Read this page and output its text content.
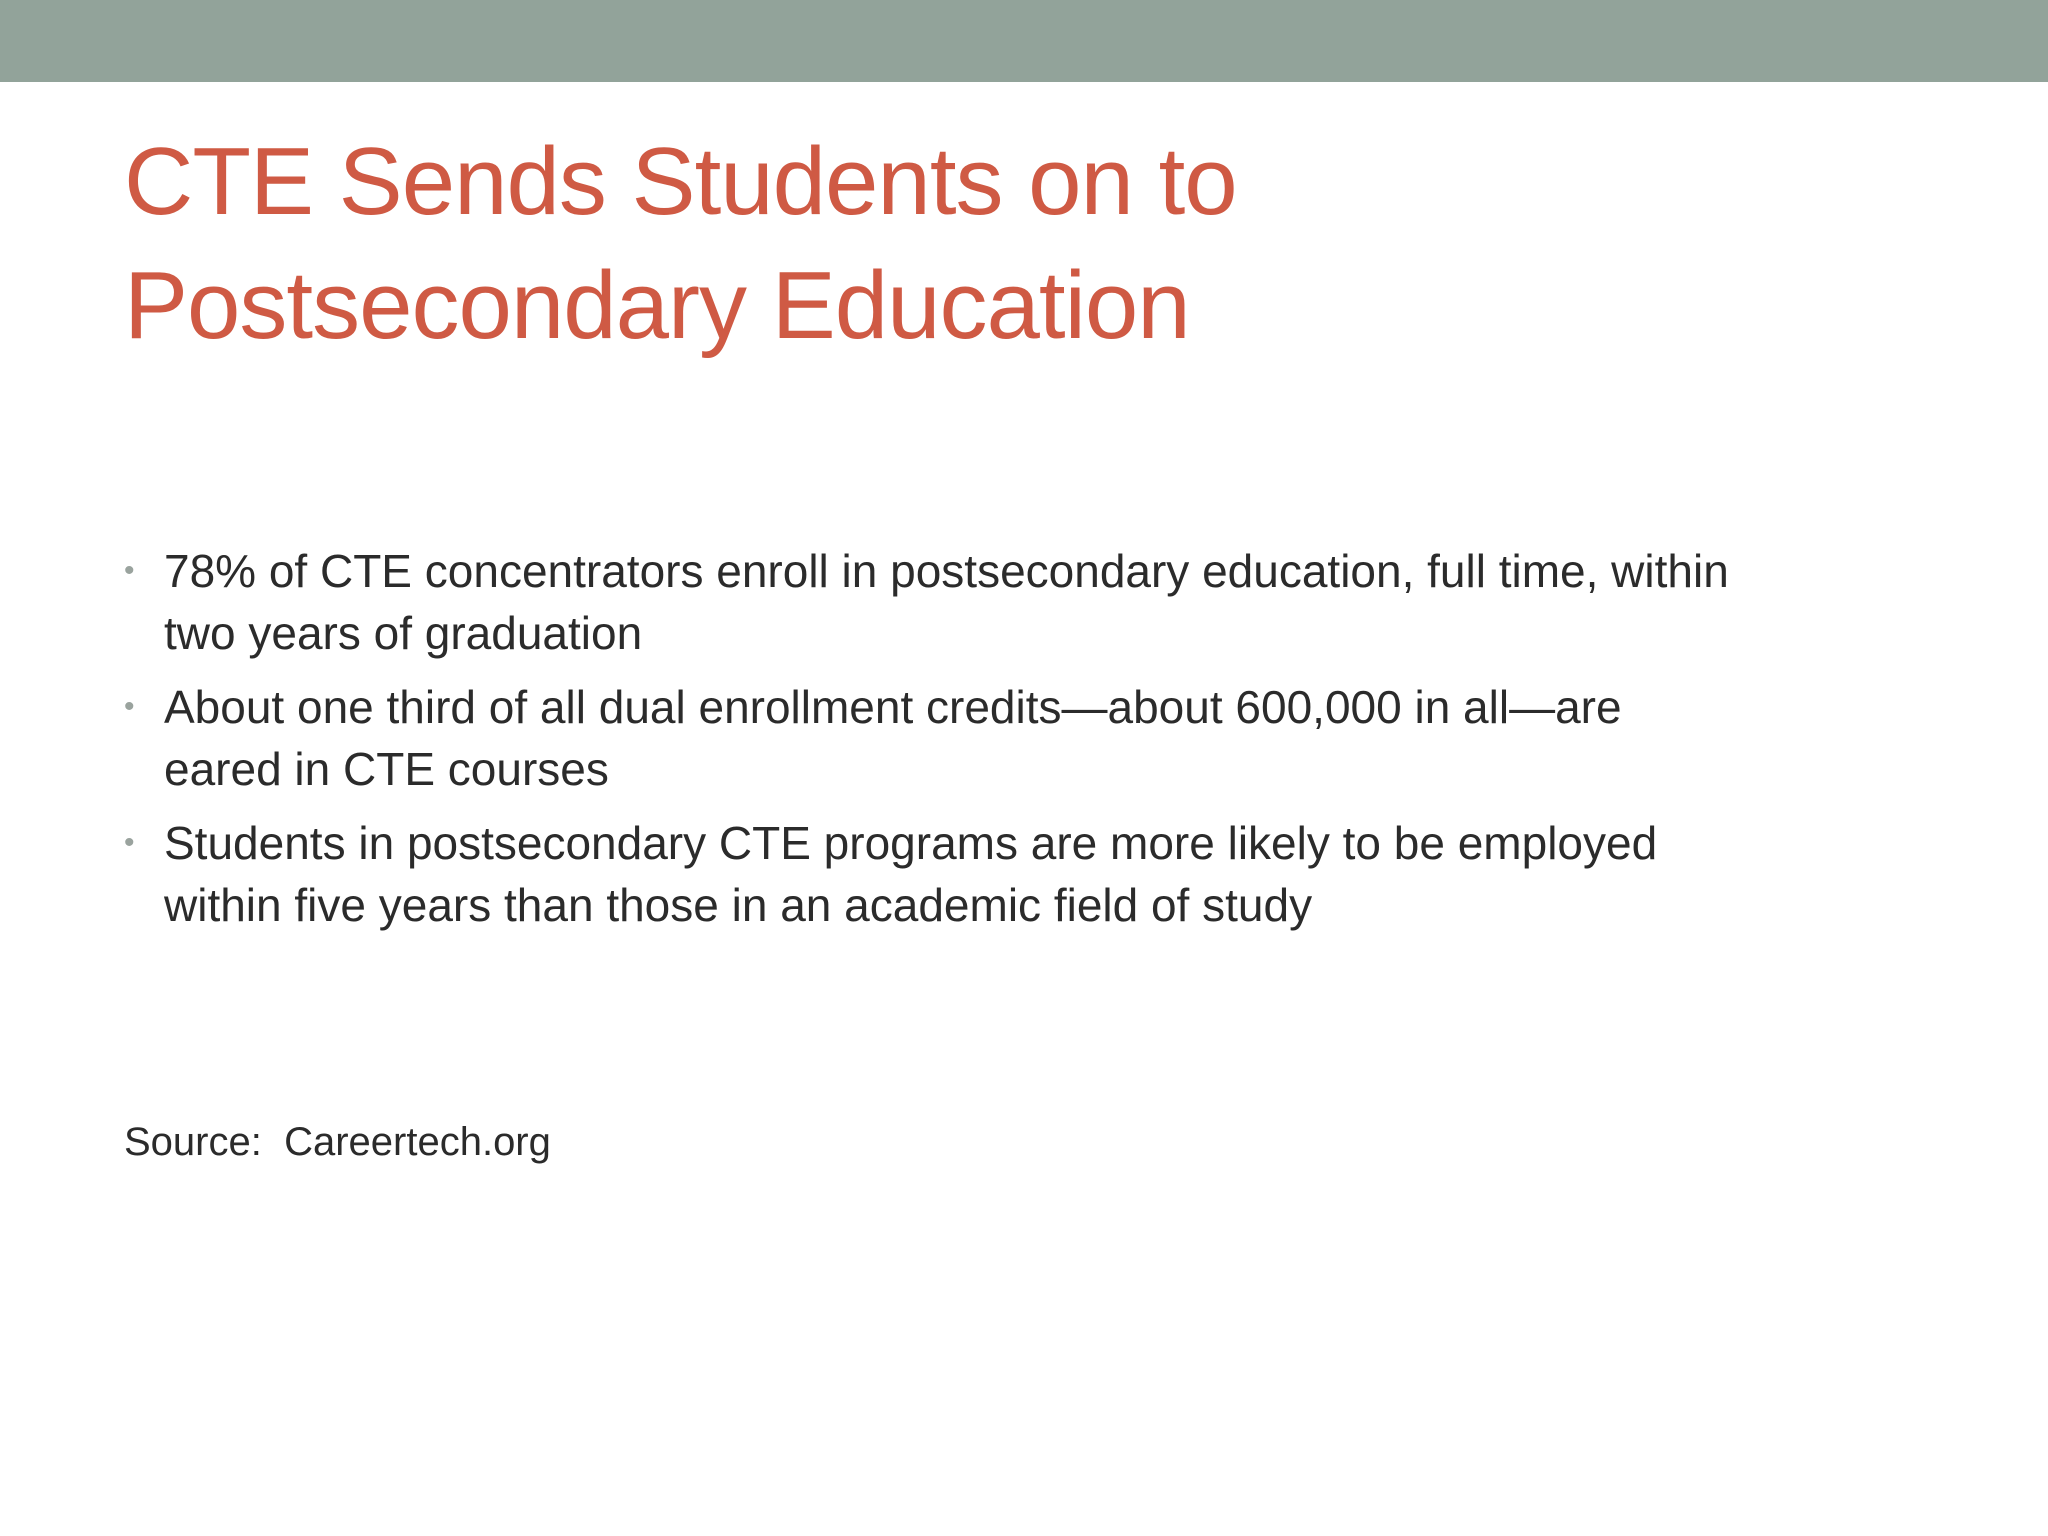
CTE Sends Students on to
Postsecondary Education
• 78% of CTE concentrators enroll in postsecondary education, full time, within
two years of graduation
• About one third of all dual enrollment credits—about 600,000 in all—are
eared in CTE courses
• Students in postsecondary CTE programs are more likely to be employed
within five years than those in an academic field of study

Source:  Careertech.org
